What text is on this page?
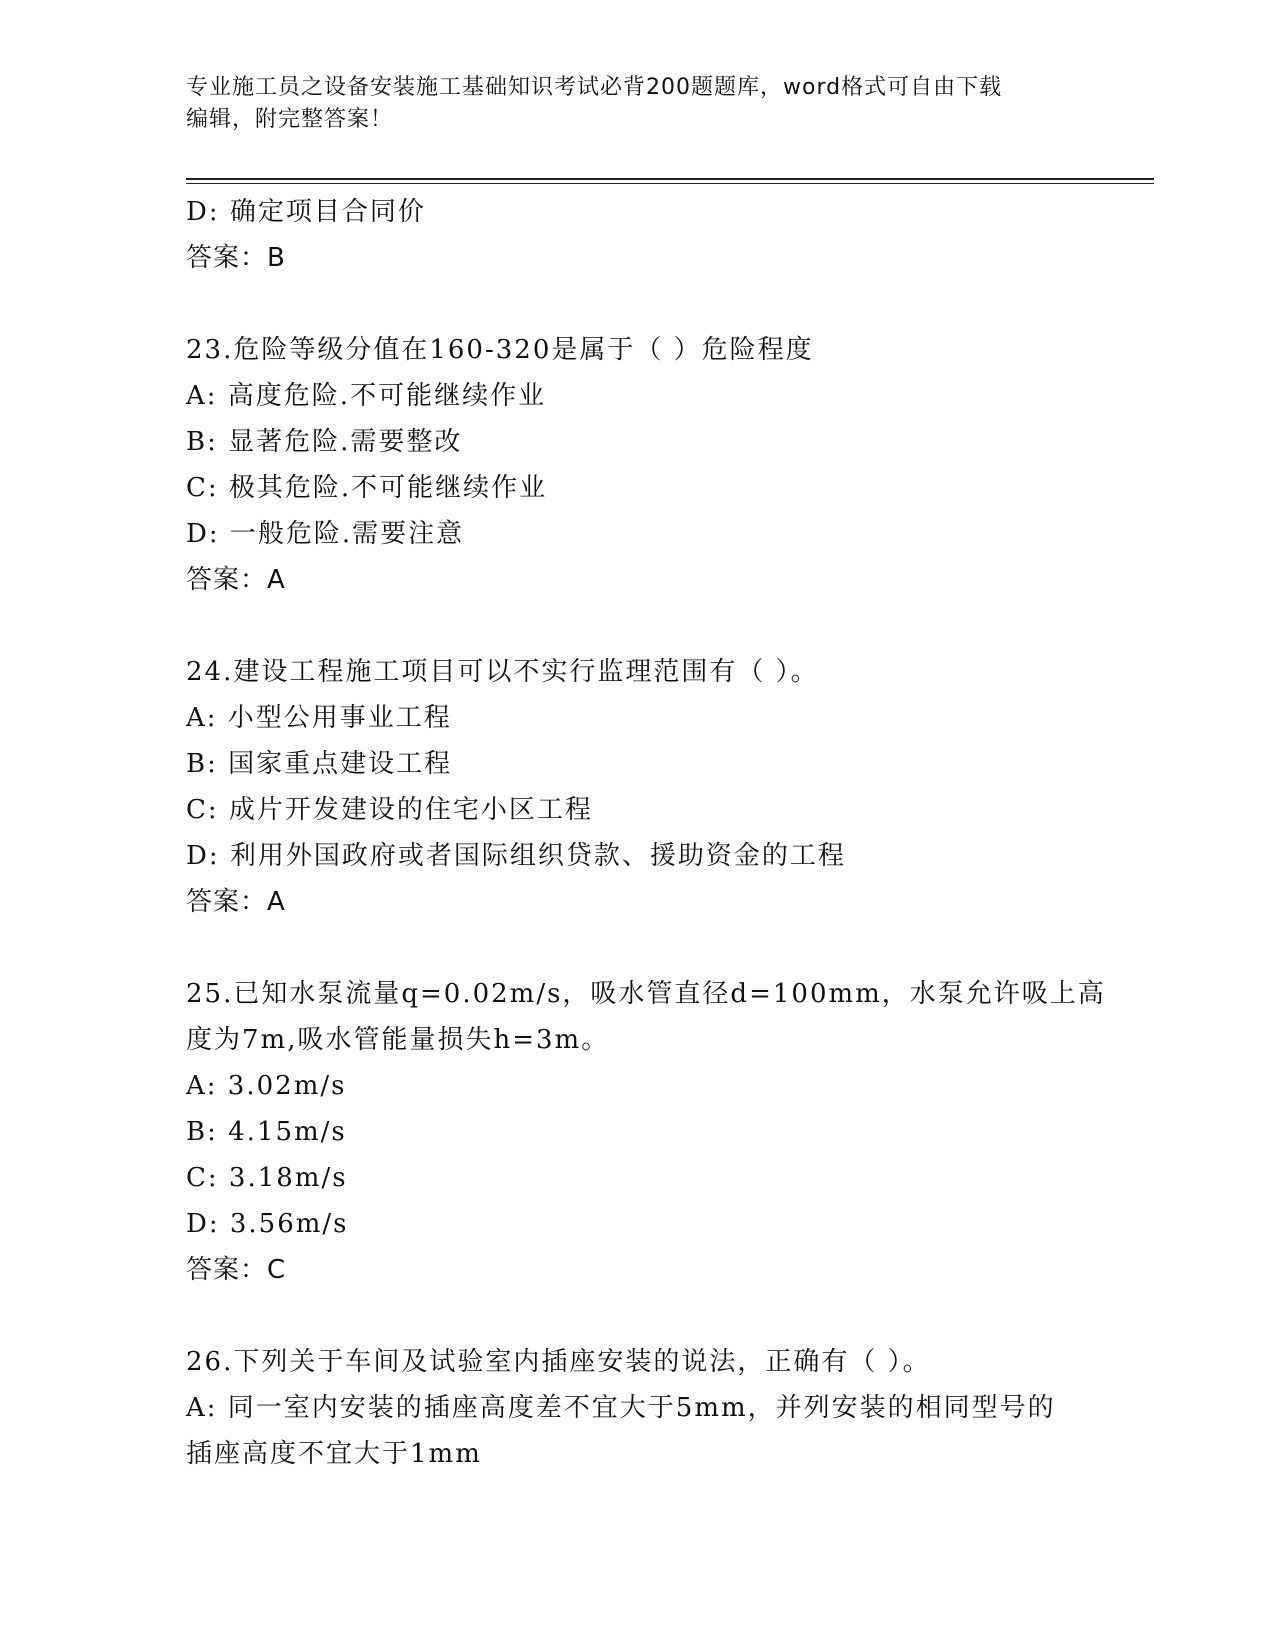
专业施工员之设备安装施工基础知识考试必背200题题库，word格式可自由下载
编辑，附完整答案！
D: 确定项目合同价
答案：B
23.危险等级分值在160-320是属于（ ）危险程度
A: 高度危险.不可能继续作业
B: 显著危险.需要整改
C: 极其危险.不可能继续作业
D: 一般危险.需要注意
答案：A
24.建设工程施工项目可以不实行监理范围有（ ）。
A: 小型公用事业工程
B: 国家重点建设工程
C: 成片开发建设的住宅小区工程
D: 利用外国政府或者国际组织贷款、援助资金的工程
答案：A
25.已知水泵流量q=0.02m/s，吸水管直径d=100mm，水泵允许吸上高
度为7m,吸水管能量损失h=3m。
A: 3.02m/s
B: 4.15m/s
C: 3.18m/s
D: 3.56m/s
答案：C
26.下列关于车间及试验室内插座安装的说法，正确有（ ）。
A: 同一室内安装的插座高度差不宜大于5mm，并列安装的相同型号的
插座高度不宜大于1mm
